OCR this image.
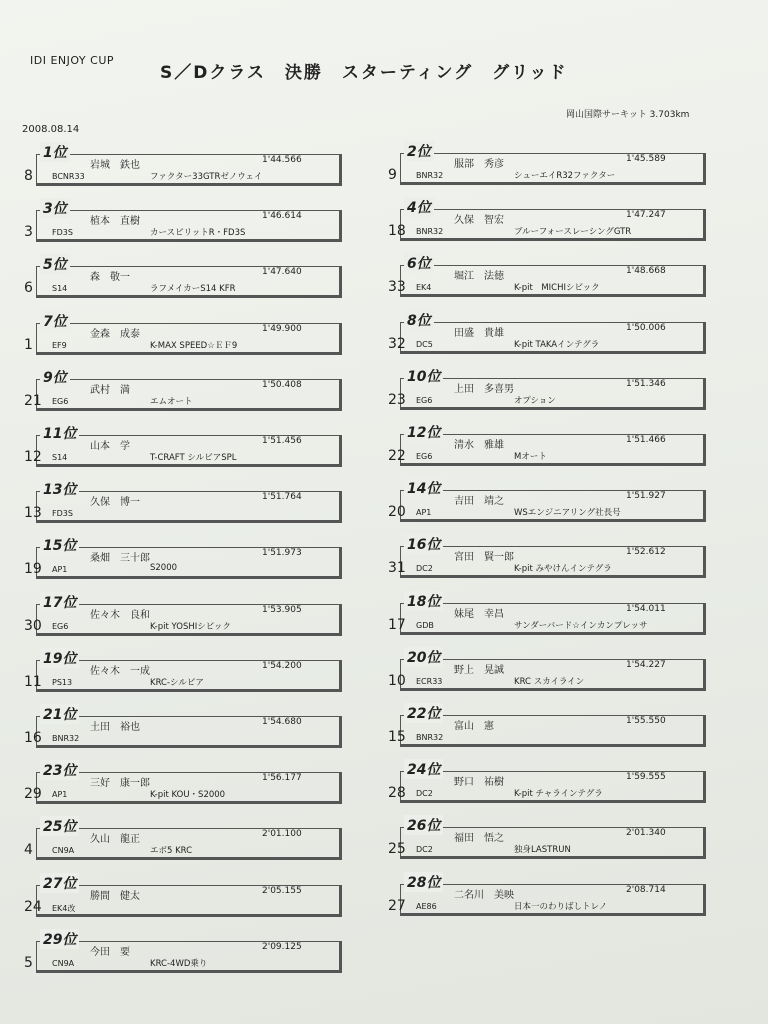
IDI ENJOY CUP
S／Dクラス　決勝　スターティング　グリッド
2008.08.14
岡山国際サーキット 3.703km
1位
岩城　鉄也	1'44.566
8 BCNR33	ファクター33GTRゼノウェイ
2位
服部　秀彦	1'45.589
9 BNR32	シューエイR32ファクター
3位
植本　直樹	1'46.614
3 FD3S	カースピリットR・FD3S
4位
久保　智宏	1'47.247
18 BNR32	ブルーフォースレーシングGTR
5位
森　敬一	1'47.640
6 S14	ラフメイカーS14 KFR
6位
堀江　法徳	1'48.668
33 EK4	K-pit　MICHIシビック
7位
金森　成泰	1'49.900
1 EF9	K-MAX SPEED☆ＥＦ9
8位
田盛　貴雄	1'50.006
32 DC5	K-pit TAKAインテグラ
9位
武村　満	1'50.408
21 EG6	エムオート
10位
上田　多喜男	1'51.346
23 EG6	オプション
11位
山本　学	1'51.456
12 S14	T-CRAFT シルビアSPL
12位
清水　雅雄	1'51.466
22 EG6	Mオート
13位
久保　博一	1'51.764
13 FD3S
14位
吉田　靖之	1'51.927
20 AP1	WSエンジニアリング社長号
15位
桑畑　三十郎	1'51.973
19 AP1	S2000
16位
宮田　賢一郎	1'52.612
31 DC2	K-pit みやけんインテグラ
17位
佐々木　良和	1'53.905
30 EG6	K-pit YOSHIシビック
18位
妹尾　幸昌	1'54.011
17 GDB	サンダーバード☆インカンプレッサ
19位
佐々木　一成	1'54.200
11 PS13	KRC-シルビア
20位
野上　晃誠	1'54.227
10 ECR33	KRC スカイライン
21位
土田　裕也	1'54.680
16 BNR32
22位
富山　憲	1'55.550
15 BNR32
23位
三好　康一郎	1'56.177
29 AP1	K-pit KOU・S2000
24位
野口　祐樹	1'59.555
28 DC2	K-pit チャラインテグラ
25位
久山　龍正	2'01.100
4 CN9A	エボ5 KRC
26位
福田　悟之	2'01.340
25 DC2	独身LASTRUN
27位
勝間　健太	2'05.155
24 EK4改
28位
二名川　美映	2'08.714
27 AE86	日本一のわりばしトレノ
29位
今田　要	2'09.125
5 CN9A	KRC-4WD乗り
